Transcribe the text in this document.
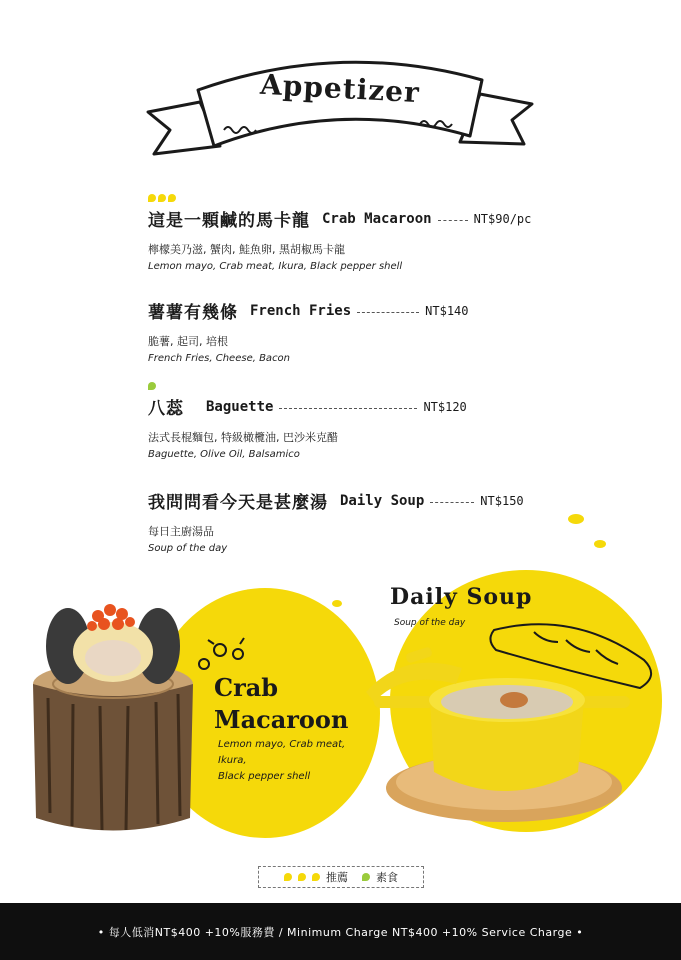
Appetizer
這是一顆鹹的馬卡龍 Crab Macaroon	NT$90/pc
檸檬美乃滋, 蟹肉, 鮭魚卵, 黑胡椒馬卡龍
Lemon mayo, Crab meat, Ikura, Black pepper shell
薯薯有幾條 French Fries	NT$140
脆薯, 起司, 培根
French Fries, Cheese, Bacon
八蕊 Baguette	NT$120
法式長棍麵包, 特級橄欖油, 巴沙米克醋
Baguette, Olive Oil, Balsamico
我問問看今天是甚麼湯 Daily Soup	NT$150
每日主廚湯品
Soup of the day
Crab
Macaroon
Lemon mayo, Crab meat,
Ikura,
Black pepper shell
Daily Soup
Soup of the day
推薦	素食
• 每人低消NT$400 +10%服務費 / Minimum Charge NT$400 +10% Service Charge •
